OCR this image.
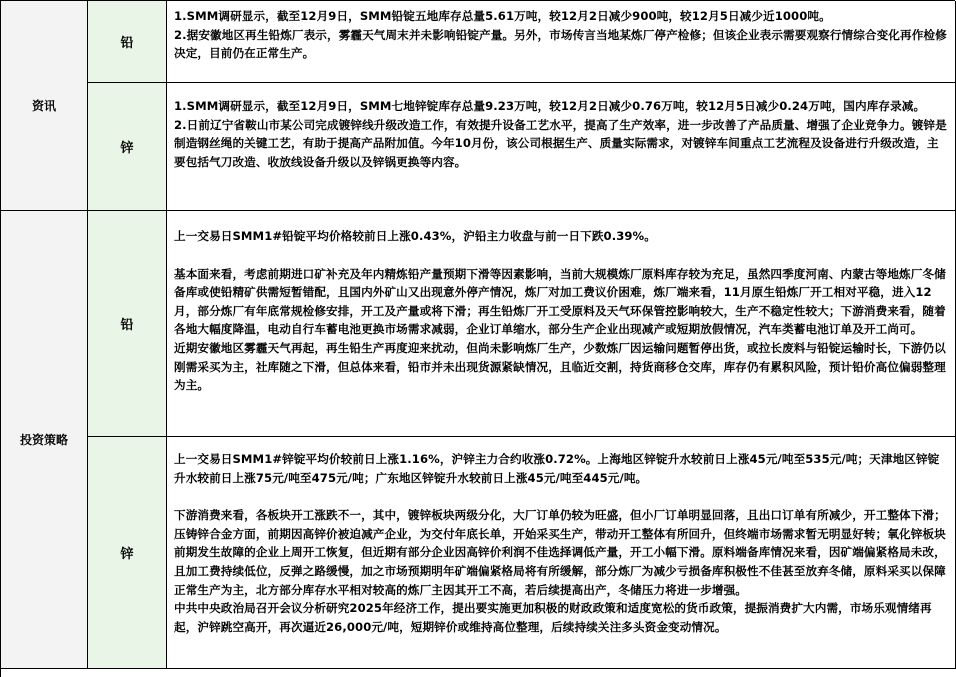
资讯
铅

1.SMM调研显示，截至12月9日，SMM铅锭五地库存总量5.61万吨，较12月2日减少900吨，较12月5日减少近1000吨。

2.据安徽地区再生铅炼厂表示，雾霾天气周末并未影响铅锭产量。另外，市场传言当地某炼厂停产检修；但该企业表示需要观察行情综合变化再作检修决定，目前仍在正常生产。

锌

1.SMM调研显示，截至12月9日，SMM七地锌锭库存总量9.23万吨，较12月2日减少0.76万吨，较12月5日减少0.24万吨，国内库存录减。

2.日前辽宁省鞍山市某公司完成镀锌线升级改造工作，有效提升设备工艺水平，提高了生产效率，进一步改善了产品质量、增强了企业竞争力。镀锌是制造钢丝绳的关键工艺，有助于提高产品附加值。今年10月份，该公司根据生产、质量实际需求，对镀锌车间重点工艺流程及设备进行升级改造，主要包括气刀改造、收放线设备升级以及锌锅更换等内容。

投资策略
铅

上一交易日SMM1#铅锭平均价格较前日上涨0.43%，沪铅主力收盘与前一日下跌0.39%。

基本面来看，考虑前期进口矿补充及年内精炼铅产量预期下滑等因素影响，当前大规模炼厂原料库存较为充足，虽然四季度河南、内蒙古等地炼厂冬储备库或使铅精矿供需短暂错配，且国内外矿山又出现意外停产情况，炼厂对加工费议价困难，炼厂端来看，11月原生铅炼厂开工相对平稳，进入12月，部分炼厂有年底常规检修安排，开工及产量或将下滑；再生铅炼厂开工受原料及天气环保管控影响较大，生产不稳定性较大；下游消费来看，随着各地大幅度降温，电动自行车蓄电池更换市场需求减弱，企业订单缩水，部分生产企业出现减产或短期放假情况，汽车类蓄电池订单及开工尚可。

近期安徽地区雾霾天气再起，再生铅生产再度迎来扰动，但尚未影响炼厂生产，少数炼厂因运输问题暂停出货，或拉长废料与铅锭运输时长，下游仍以刚需采买为主，社库随之下滑，但总体来看，铅市并未出现货源紧缺情况，且临近交割，持货商移仓交库，库存仍有累积风险，预计铅价高位偏弱整理为主。

锌

上一交易日SMM1#锌锭平均价较前日上涨1.16%，沪锌主力合约收涨0.72%。上海地区锌锭升水较前日上涨45元/吨至535元/吨；天津地区锌锭升水较前日上涨75元/吨至475元/吨；广东地区锌锭升水较前日上涨45元/吨至445元/吨。

下游消费来看，各板块开工涨跌不一，其中，镀锌板块两级分化，大厂订单仍较为旺盛，但小厂订单明显回落，且出口订单有所减少，开工整体下滑；压铸锌合金方面，前期因高锌价被迫减产企业，为交付年底长单，开始采买生产，带动开工整体有所回升，但终端市场需求暂无明显好转；氧化锌板块前期发生故障的企业上周开工恢复，但近期有部分企业因高锌价利润不佳选择调低产量，开工小幅下滑。原料端备库情况来看，因矿端偏紧格局未改，且加工费持续低位，反弹之路缓慢，加之市场预期明年矿端偏紧格局将有所缓解，部分炼厂为减少亏损备库积极性不佳甚至放弃冬储，原料采买以保障正常生产为主，北方部分库存水平相对较高的炼厂主因其开工不高，若后续提高出产，冬储压力将进一步增强。

中共中央政治局召开会议分析研究2025年经济工作，提出要实施更加积极的财政政策和适度宽松的货币政策，提振消费扩大内需，市场乐观情绪再起，沪锌跳空高开，再次逼近26,000元/吨，短期锌价或维持高位整理，后续持续关注多头资金变动情况。
